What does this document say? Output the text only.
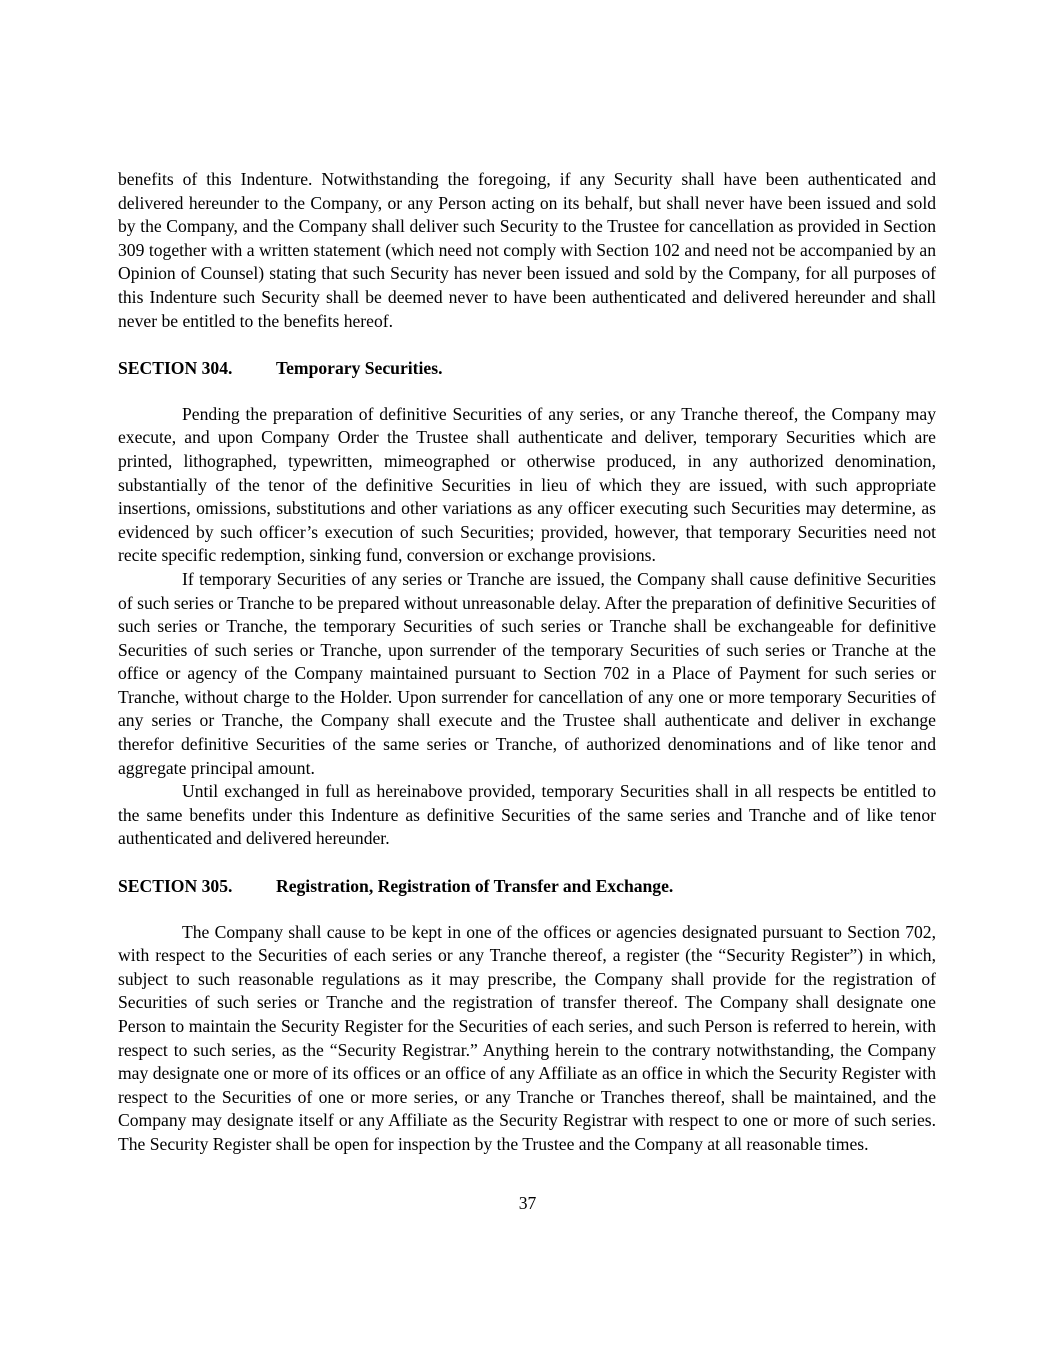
benefits of this Indenture. Notwithstanding the foregoing, if any Security shall have been authenticated and delivered hereunder to the Company, or any Person acting on its behalf, but shall never have been issued and sold by the Company, and the Company shall deliver such Security to the Trustee for cancellation as provided in Section 309 together with a written statement (which need not comply with Section 102 and need not be accompanied by an Opinion of Counsel) stating that such Security has never been issued and sold by the Company, for all purposes of this Indenture such Security shall be deemed never to have been authenticated and delivered hereunder and shall never be entitled to the benefits hereof.

SECTION 304.	Temporary Securities.

Pending the preparation of definitive Securities of any series, or any Tranche thereof, the Company may execute, and upon Company Order the Trustee shall authenticate and deliver, temporary Securities which are printed, lithographed, typewritten, mimeographed or otherwise produced, in any authorized denomination, substantially of the tenor of the definitive Securities in lieu of which they are issued, with such appropriate insertions, omissions, substitutions and other variations as any officer executing such Securities may determine, as evidenced by such officer’s execution of such Securities; provided, however, that temporary Securities need not recite specific redemption, sinking fund, conversion or exchange provisions.

If temporary Securities of any series or Tranche are issued, the Company shall cause definitive Securities of such series or Tranche to be prepared without unreasonable delay. After the preparation of definitive Securities of such series or Tranche, the temporary Securities of such series or Tranche shall be exchangeable for definitive Securities of such series or Tranche, upon surrender of the temporary Securities of such series or Tranche at the office or agency of the Company maintained pursuant to Section 702 in a Place of Payment for such series or Tranche, without charge to the Holder. Upon surrender for cancellation of any one or more temporary Securities of any series or Tranche, the Company shall execute and the Trustee shall authenticate and deliver in exchange therefor definitive Securities of the same series or Tranche, of authorized denominations and of like tenor and aggregate principal amount.

Until exchanged in full as hereinabove provided, temporary Securities shall in all respects be entitled to the same benefits under this Indenture as definitive Securities of the same series and Tranche and of like tenor authenticated and delivered hereunder.

SECTION 305.	Registration, Registration of Transfer and Exchange.

The Company shall cause to be kept in one of the offices or agencies designated pursuant to Section 702, with respect to the Securities of each series or any Tranche thereof, a register (the “Security Register”) in which, subject to such reasonable regulations as it may prescribe, the Company shall provide for the registration of Securities of such series or Tranche and the registration of transfer thereof. The Company shall designate one Person to maintain the Security Register for the Securities of each series, and such Person is referred to herein, with respect to such series, as the “Security Registrar.” Anything herein to the contrary notwithstanding, the Company may designate one or more of its offices or an office of any Affiliate as an office in which the Security Register with respect to the Securities of one or more series, or any Tranche or Tranches thereof, shall be maintained, and the Company may designate itself or any Affiliate as the Security Registrar with respect to one or more of such series. The Security Register shall be open for inspection by the Trustee and the Company at all reasonable times.

37
